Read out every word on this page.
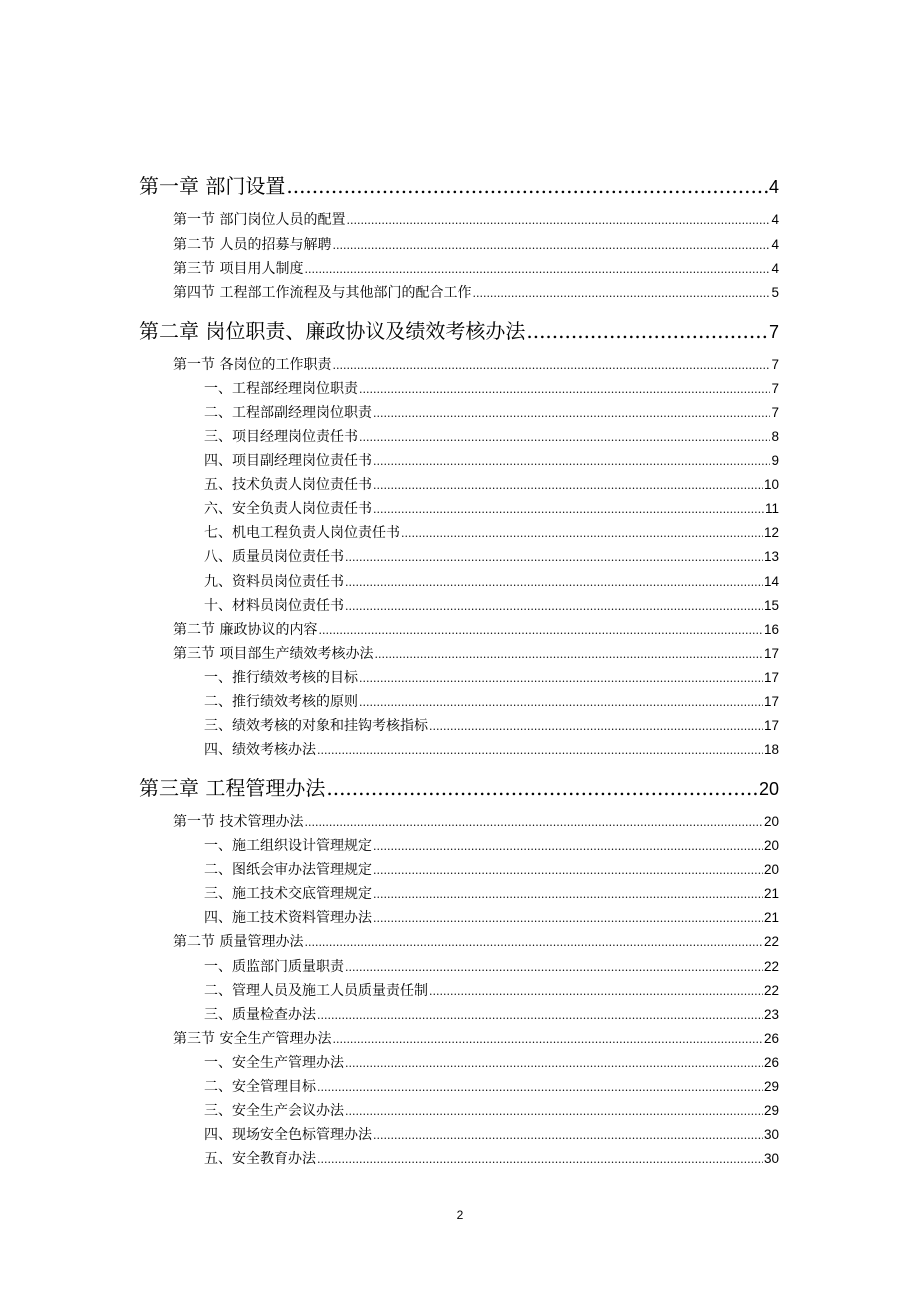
第一章 部门设置 .....	4
第一节 部门岗位人员的配置 .....	4
第二节 人员的招募与解聘 .....	4
第三节 项目用人制度 .....	4
第四节 工程部工作流程及与其他部门的配合工作 .....	5
第二章 岗位职责、廉政协议及绩效考核办法 .....	7
第一节 各岗位的工作职责 .....	7
一、工程部经理岗位职责 .....	7
二、工程部副经理岗位职责 .....	7
三、项目经理岗位责任书 .....	8
四、项目副经理岗位责任书 .....	9
五、技术负责人岗位责任书 .....	10
六、安全负责人岗位责任书 .....	11
七、机电工程负责人岗位责任书 .....	12
八、质量员岗位责任书 .....	13
九、资料员岗位责任书 .....	14
十、材料员岗位责任书 .....	15
第二节 廉政协议的内容 .....	16
第三节 项目部生产绩效考核办法 .....	17
一、推行绩效考核的目标 .....	17
二、推行绩效考核的原则 .....	17
三、绩效考核的对象和挂钩考核指标 .....	17
四、绩效考核办法 .....	18
第三章 工程管理办法 .....	20
第一节 技术管理办法 .....	20
一、施工组织设计管理规定 .....	20
二、图纸会审办法管理规定 .....	20
三、施工技术交底管理规定 .....	21
四、施工技术资料管理办法 .....	21
第二节 质量管理办法 .....	22
一、质监部门质量职责 .....	22
二、管理人员及施工人员质量责任制 .....	22
三、质量检查办法 .....	23
第三节 安全生产管理办法 .....	26
一、安全生产管理办法 .....	26
二、安全管理目标 .....	29
三、安全生产会议办法 .....	29
四、现场安全色标管理办法 .....	30
五、安全教育办法 .....	30
2
